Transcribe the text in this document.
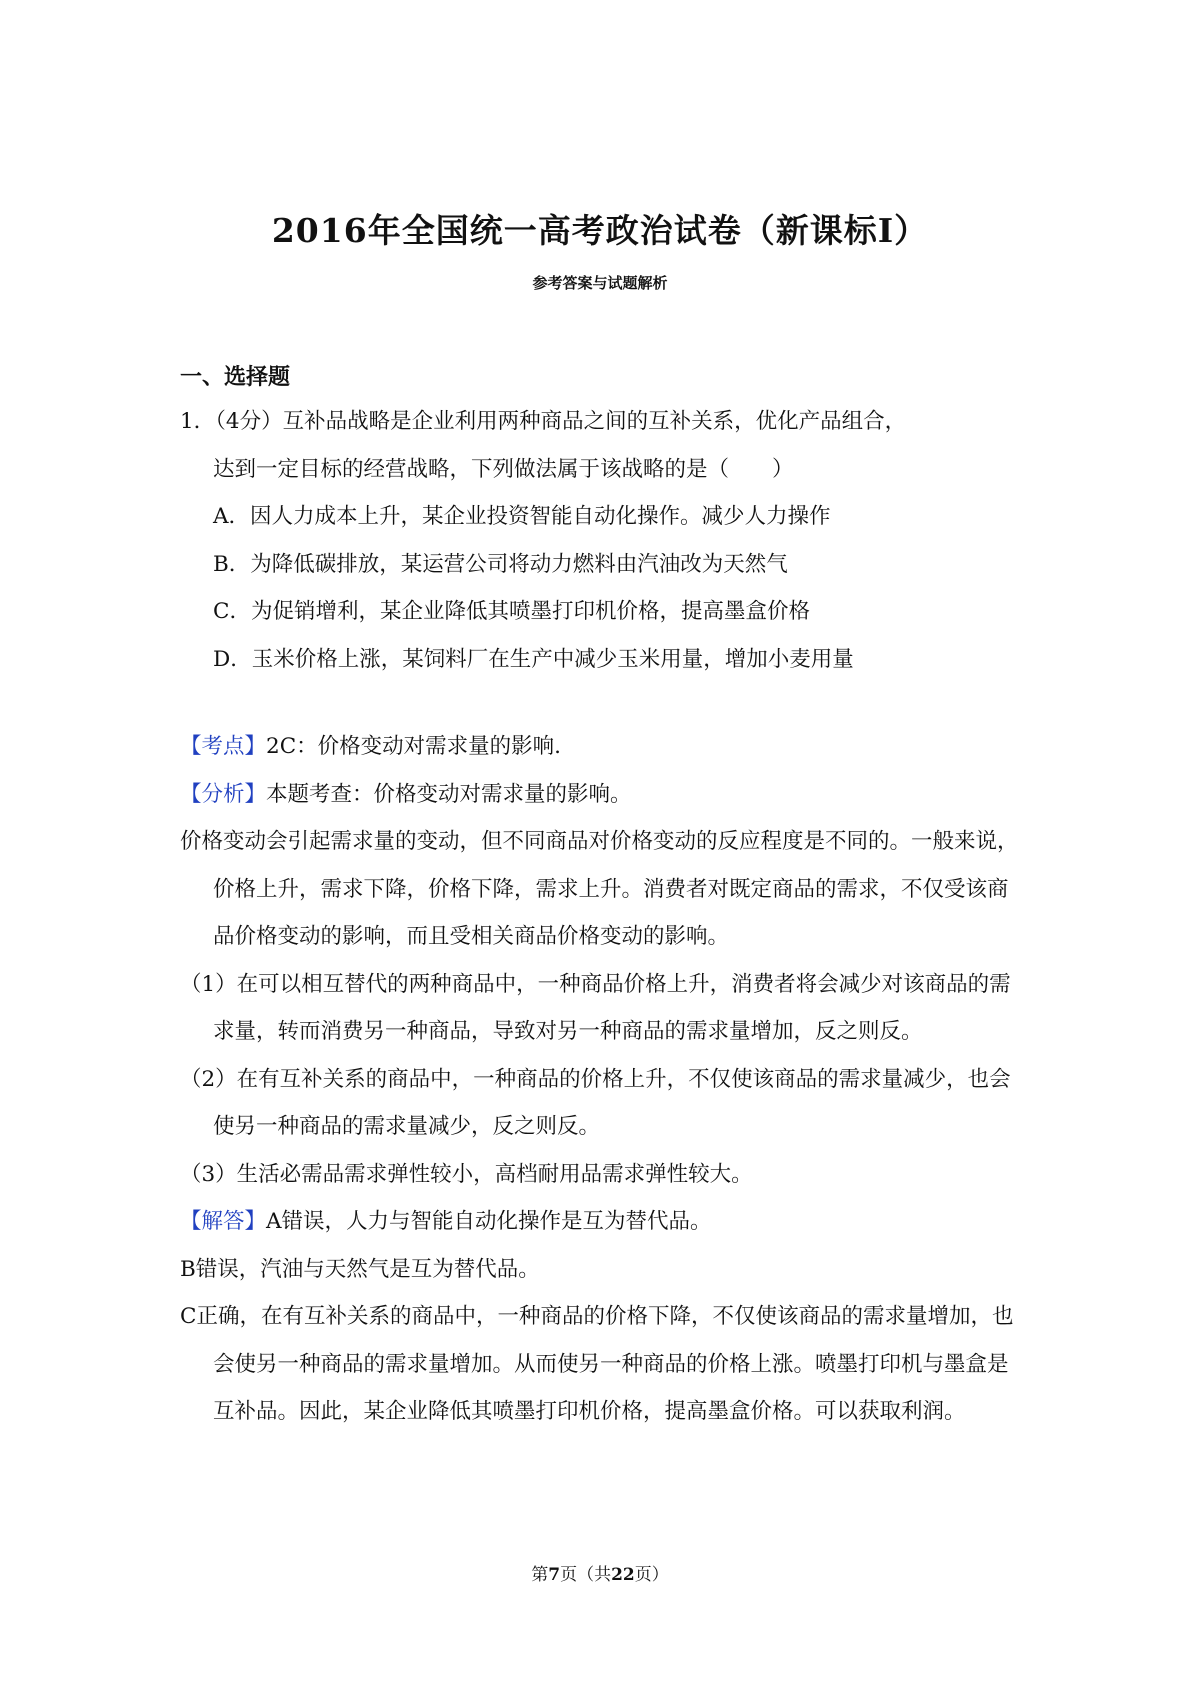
2016年全国统一高考政治试卷（新课标I）
参考答案与试题解析
一、选择题

1．（4分）互补品战略是企业利用两种商品之间的互补关系，优化产品组合，

达到一定目标的经营战略，下列做法属于该战略的是（　　）

A．因人力成本上升，某企业投资智能自动化操作。减少人力操作

B．为降低碳排放，某运营公司将动力燃料由汽油改为天然气

C．为促销增利，某企业降低其喷墨打印机价格，提高墨盒价格

D．玉米价格上涨，某饲料厂在生产中减少玉米用量，增加小麦用量

【考点】2C：价格变动对需求量的影响.

【分析】本题考查：价格变动对需求量的影响。

价格变动会引起需求量的变动，但不同商品对价格变动的反应程度是不同的。一般来说，价格上升，需求下降，价格下降，需求上升。消费者对既定商品的需求，不仅受该商品价格变动的影响，而且受相关商品价格变动的影响。

（1）在可以相互替代的两种商品中，一种商品价格上升，消费者将会减少对该商品的需求量，转而消费另一种商品，导致对另一种商品的需求量增加，反之则反。

（2）在有互补关系的商品中，一种商品的价格上升，不仅使该商品的需求量减少，也会使另一种商品的需求量减少，反之则反。

（3）生活必需品需求弹性较小，高档耐用品需求弹性较大。

【解答】A错误，人力与智能自动化操作是互为替代品。

B错误，汽油与天然气是互为替代品。

C正确，在有互补关系的商品中，一种商品的价格下降，不仅使该商品的需求量增加，也会使另一种商品的需求量增加。从而使另一种商品的价格上涨。喷墨打印机与墨盒是互补品。因此，某企业降低其喷墨打印机价格，提高墨盒价格。可以获取利润。

第7页（共22页）
